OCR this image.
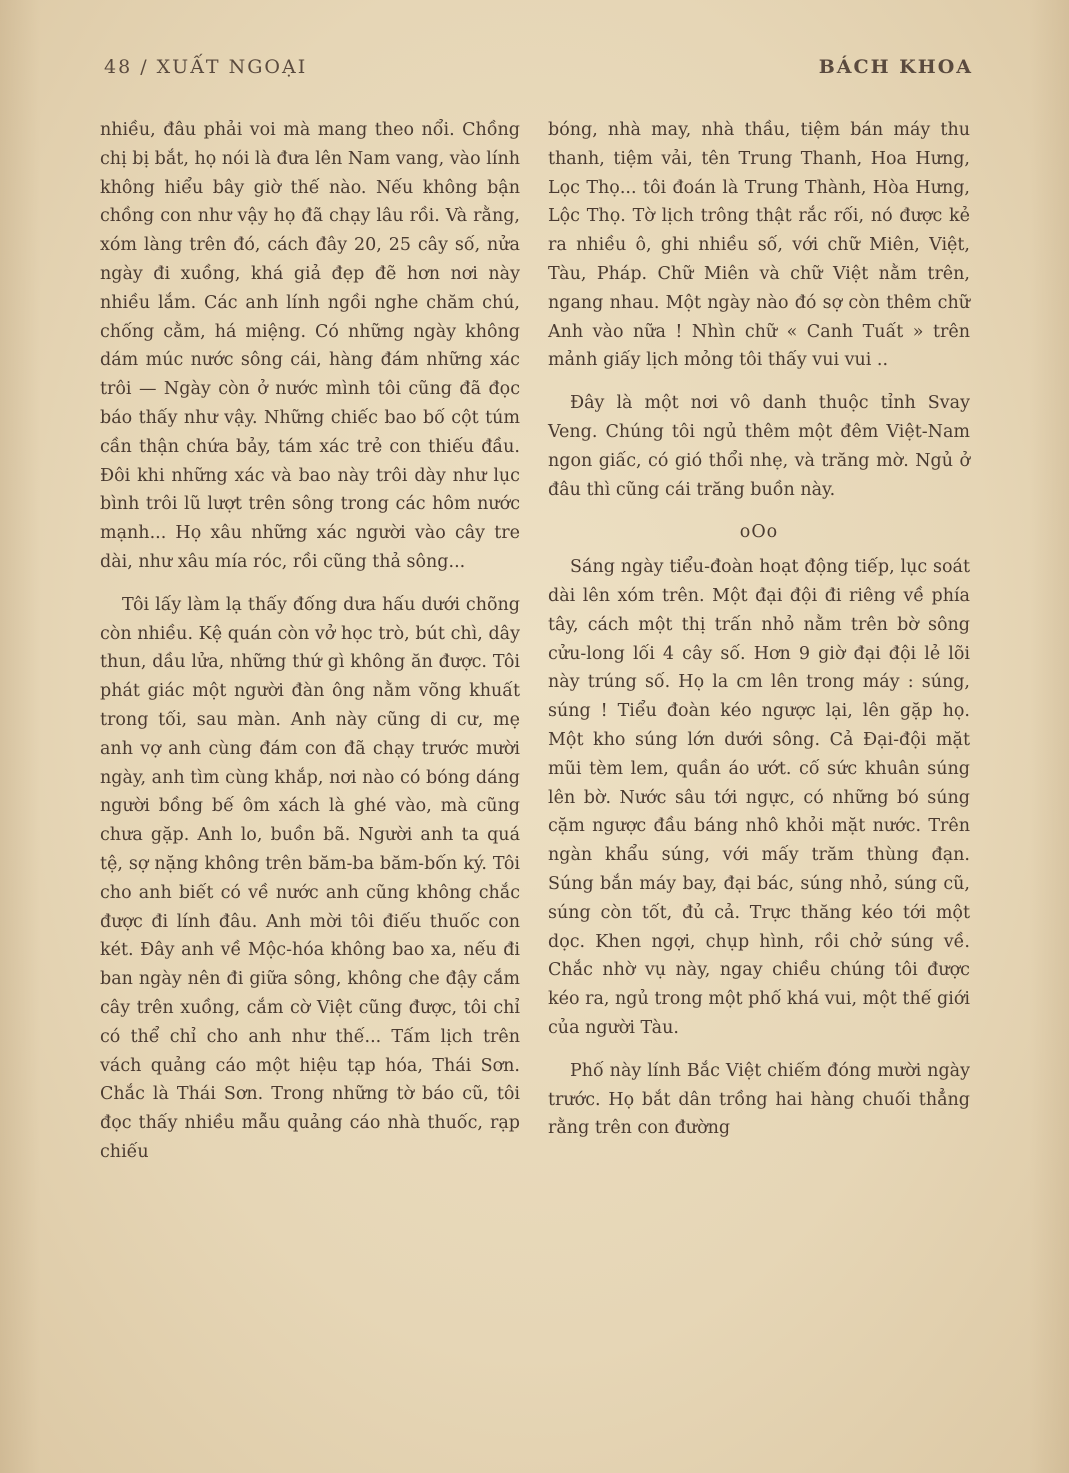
48 / XUẤT NGOẠI	BÁCH KHOA

nhiều, đâu phải voi mà mang theo nổi. Chồng chị bị bắt, họ nói là đưa lên Nam vang, vào lính không hiểu bây giờ thế nào. Nếu không bận chồng con như vậy họ đã chạy lâu rồi. Và rằng, xóm làng trên đó, cách đây 20, 25 cây số, nửa ngày đi xuồng, khá giả đẹp đẽ hơn nơi này nhiều lắm. Các anh lính ngồi nghe chăm chú, chống cằm, há miệng. Có những ngày không dám múc nước sông cái, hàng đám những xác trôi — Ngày còn ở nước mình tôi cũng đã đọc báo thấy như vậy. Những chiếc bao bố cột túm cần thận chứa bảy, tám xác trẻ con thiếu đầu. Đôi khi những xác và bao này trôi dày như lục bình trôi lũ lượt trên sông trong các hôm nước mạnh... Họ xâu những xác người vào cây tre dài, như xâu mía róc, rồi cũng thả sông...

Tôi lấy làm lạ thấy đống dưa hấu dưới chõng còn nhiều. Kệ quán còn vở học trò, bút chì, dây thun, dầu lửa, những thứ gì không ăn được. Tôi phát giác một người đàn ông nằm võng khuất trong tối, sau màn. Anh này cũng di cư, mẹ anh vợ anh cùng đám con đã chạy trước mười ngày, anh tìm cùng khắp, nơi nào có bóng dáng người bồng bế ôm xách là ghé vào, mà cũng chưa gặp. Anh lo, buồn bã. Người anh ta quá tệ, sợ nặng không trên băm-ba băm-bốn ký. Tôi cho anh biết có về nước anh cũng không chắc được đi lính đâu. Anh mời tôi điếu thuốc con két. Đây anh về Mộc-hóa không bao xa, nếu đi ban ngày nên đi giữa sông, không che đậy cắm cây trên xuồng, cắm cờ Việt cũng được, tôi chỉ có thể chỉ cho anh như thế... Tấm lịch trên vách quảng cáo một hiệu tạp hóa, Thái Sơn. Chắc là Thái Sơn. Trong những tờ báo cũ, tôi đọc thấy nhiều mẫu quảng cáo nhà thuốc, rạp chiếu

bóng, nhà may, nhà thầu, tiệm bán máy thu thanh, tiệm vải, tên Trung Thanh, Hoa Hưng, Lọc Thọ... tôi đoán là Trung Thành, Hòa Hưng, Lộc Thọ. Tờ lịch trông thật rắc rối, nó được kẻ ra nhiều ô, ghi nhiều số, với chữ Miên, Việt, Tàu, Pháp. Chữ Miên và chữ Việt nằm trên, ngang nhau. Một ngày nào đó sợ còn thêm chữ Anh vào nữa ! Nhìn chữ « Canh Tuất » trên mảnh giấy lịch mỏng tôi thấy vui vui ..

Đây là một nơi vô danh thuộc tỉnh Svay Veng. Chúng tôi ngủ thêm một đêm Việt-Nam ngon giấc, có gió thổi nhẹ, và trăng mờ. Ngủ ở đâu thì cũng cái trăng buồn này.

oOo

Sáng ngày tiểu-đoàn hoạt động tiếp, lục soát dài lên xóm trên. Một đại đội đi riêng về phía tây, cách một thị trấn nhỏ nằm trên bờ sông cửu-long lối 4 cây số. Hơn 9 giờ đại đội lẻ lõi này trúng số. Họ la cm lên trong máy : súng, súng ! Tiểu đoàn kéo ngược lại, lên gặp họ. Một kho súng lớn dưới sông. Cả Đại-đội mặt mũi tèm lem, quần áo ướt. cố sức khuân súng lên bờ. Nước sâu tới ngực, có những bó súng cặm ngược đầu báng nhô khỏi mặt nước. Trên ngàn khẩu súng, với mấy trăm thùng đạn. Súng bắn máy bay, đại bác, súng nhỏ, súng cũ, súng còn tốt, đủ cả. Trực thăng kéo tới một dọc. Khen ngợi, chụp hình, rồi chở súng về. Chắc nhờ vụ này, ngay chiều chúng tôi được kéo ra, ngủ trong một phố khá vui, một thế giới của người Tàu.

Phố này lính Bắc Việt chiếm đóng mười ngày trước. Họ bắt dân trồng hai hàng chuối thẳng rằng trên con đường
